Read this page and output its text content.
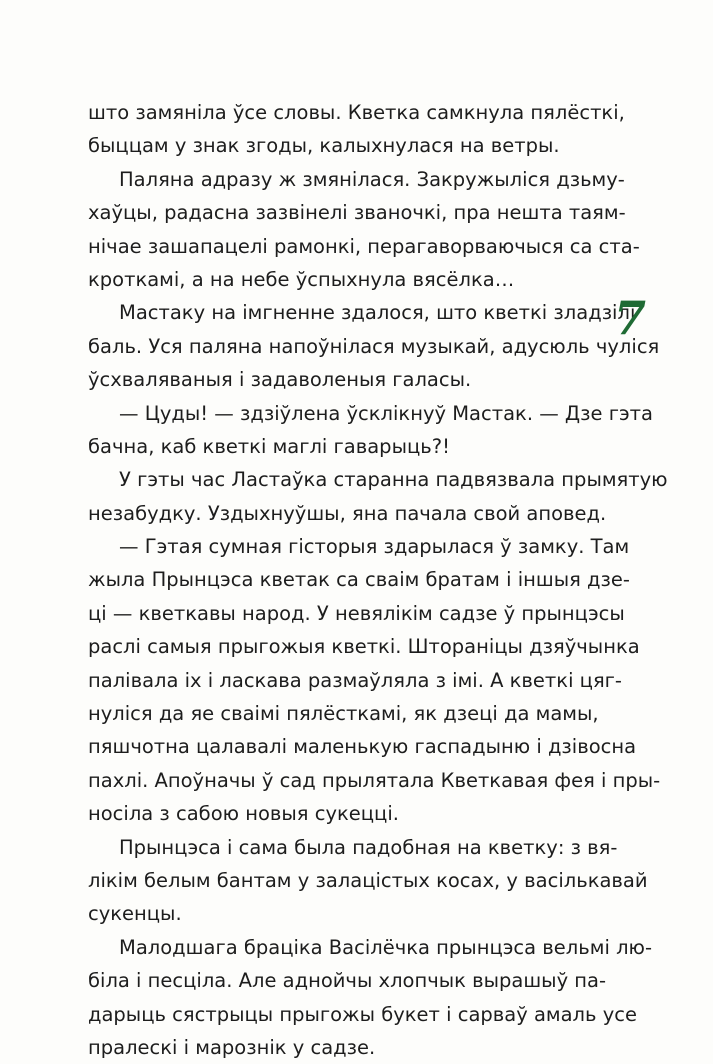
што замяніла ўсе словы. Кветка самкнула пялёсткі,
быццам у знак згоды, калыхнулася на ветры.
Паляна адразу ж змянілася. Закружыліся дзьму-
хаўцы, радасна зазвінелі званочкі, пра нешта таям-
нічае зашапацелі рамонкі, перагаворваючыся са ста-
кроткамі, а на небе ўспыхнула вясёлка…
Мастаку на імгненне здалося, што кветкі зладзілі
баль. Уся паляна напоўнілася музыкай, адусюль чуліся
ўсхваляваныя і задаволеныя галасы.
— Цуды! — здзіўлена ўсклікнуў Мастак. — Дзе гэта
бачна, каб кветкі маглі гаварыць?!
У гэты час Ластаўка старанна падвязвала прымятую
незабудку. Уздыхнуўшы, яна пачала свой аповед.
— Гэтая сумная гісторыя здарылася ў замку. Там
жыла Прынцэса кветак са сваім братам і іншыя дзе-
ці — кветкавы народ. У невялікім садзе ў прынцэсы
раслі самыя прыгожыя кветкі. Штораніцы дзяўчынка
палівала іх і ласкава размаўляла з імі. А кветкі цяг-
нуліся да яе сваімі пялёсткамі, як дзеці да мамы,
пяшчотна цалавалі маленькую гаспадыню і дзівосна
пахлі. Апоўначы ў сад прылятала Кветкавая фея і пры-
носіла з сабою новыя сукеццi.
Прынцэса і сама была падобная на кветку: з вя-
лікім белым бантам у залацістых косах, у васількавай
сукенцы.
Малодшага брацiка Васілёчка прынцэса вельмі лю-
біла і песціла. Але аднойчы хлопчык вырашыў па-
дарыць сястрыцы прыгожы букет і сарваў амаль усе
пралескі і марознік у садзе.
7
